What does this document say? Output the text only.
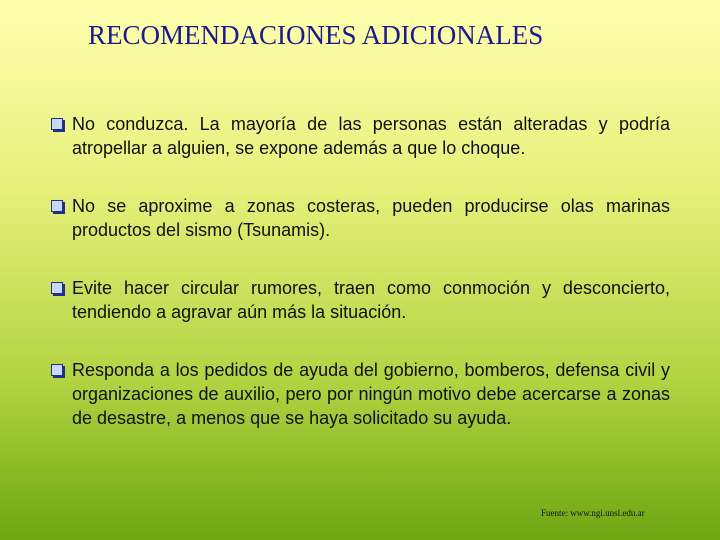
RECOMENDACIONES ADICIONALES
No conduzca. La mayoría de las personas están alteradas y podría atropellar a alguien, se expone además a que lo choque.
No se aproxime a zonas costeras, pueden producirse olas marinas productos del sismo (Tsunamis).
Evite hacer circular rumores, traen como conmoción y desconcierto, tendiendo a agravar aún más la situación.
Responda a los pedidos de ayuda del gobierno, bomberos, defensa civil y organizaciones de auxilio, pero por ningún motivo debe acercarse a zonas de desastre, a menos que se haya solicitado su ayuda.
Fuente: www.ngi.unsl.edu.ar
